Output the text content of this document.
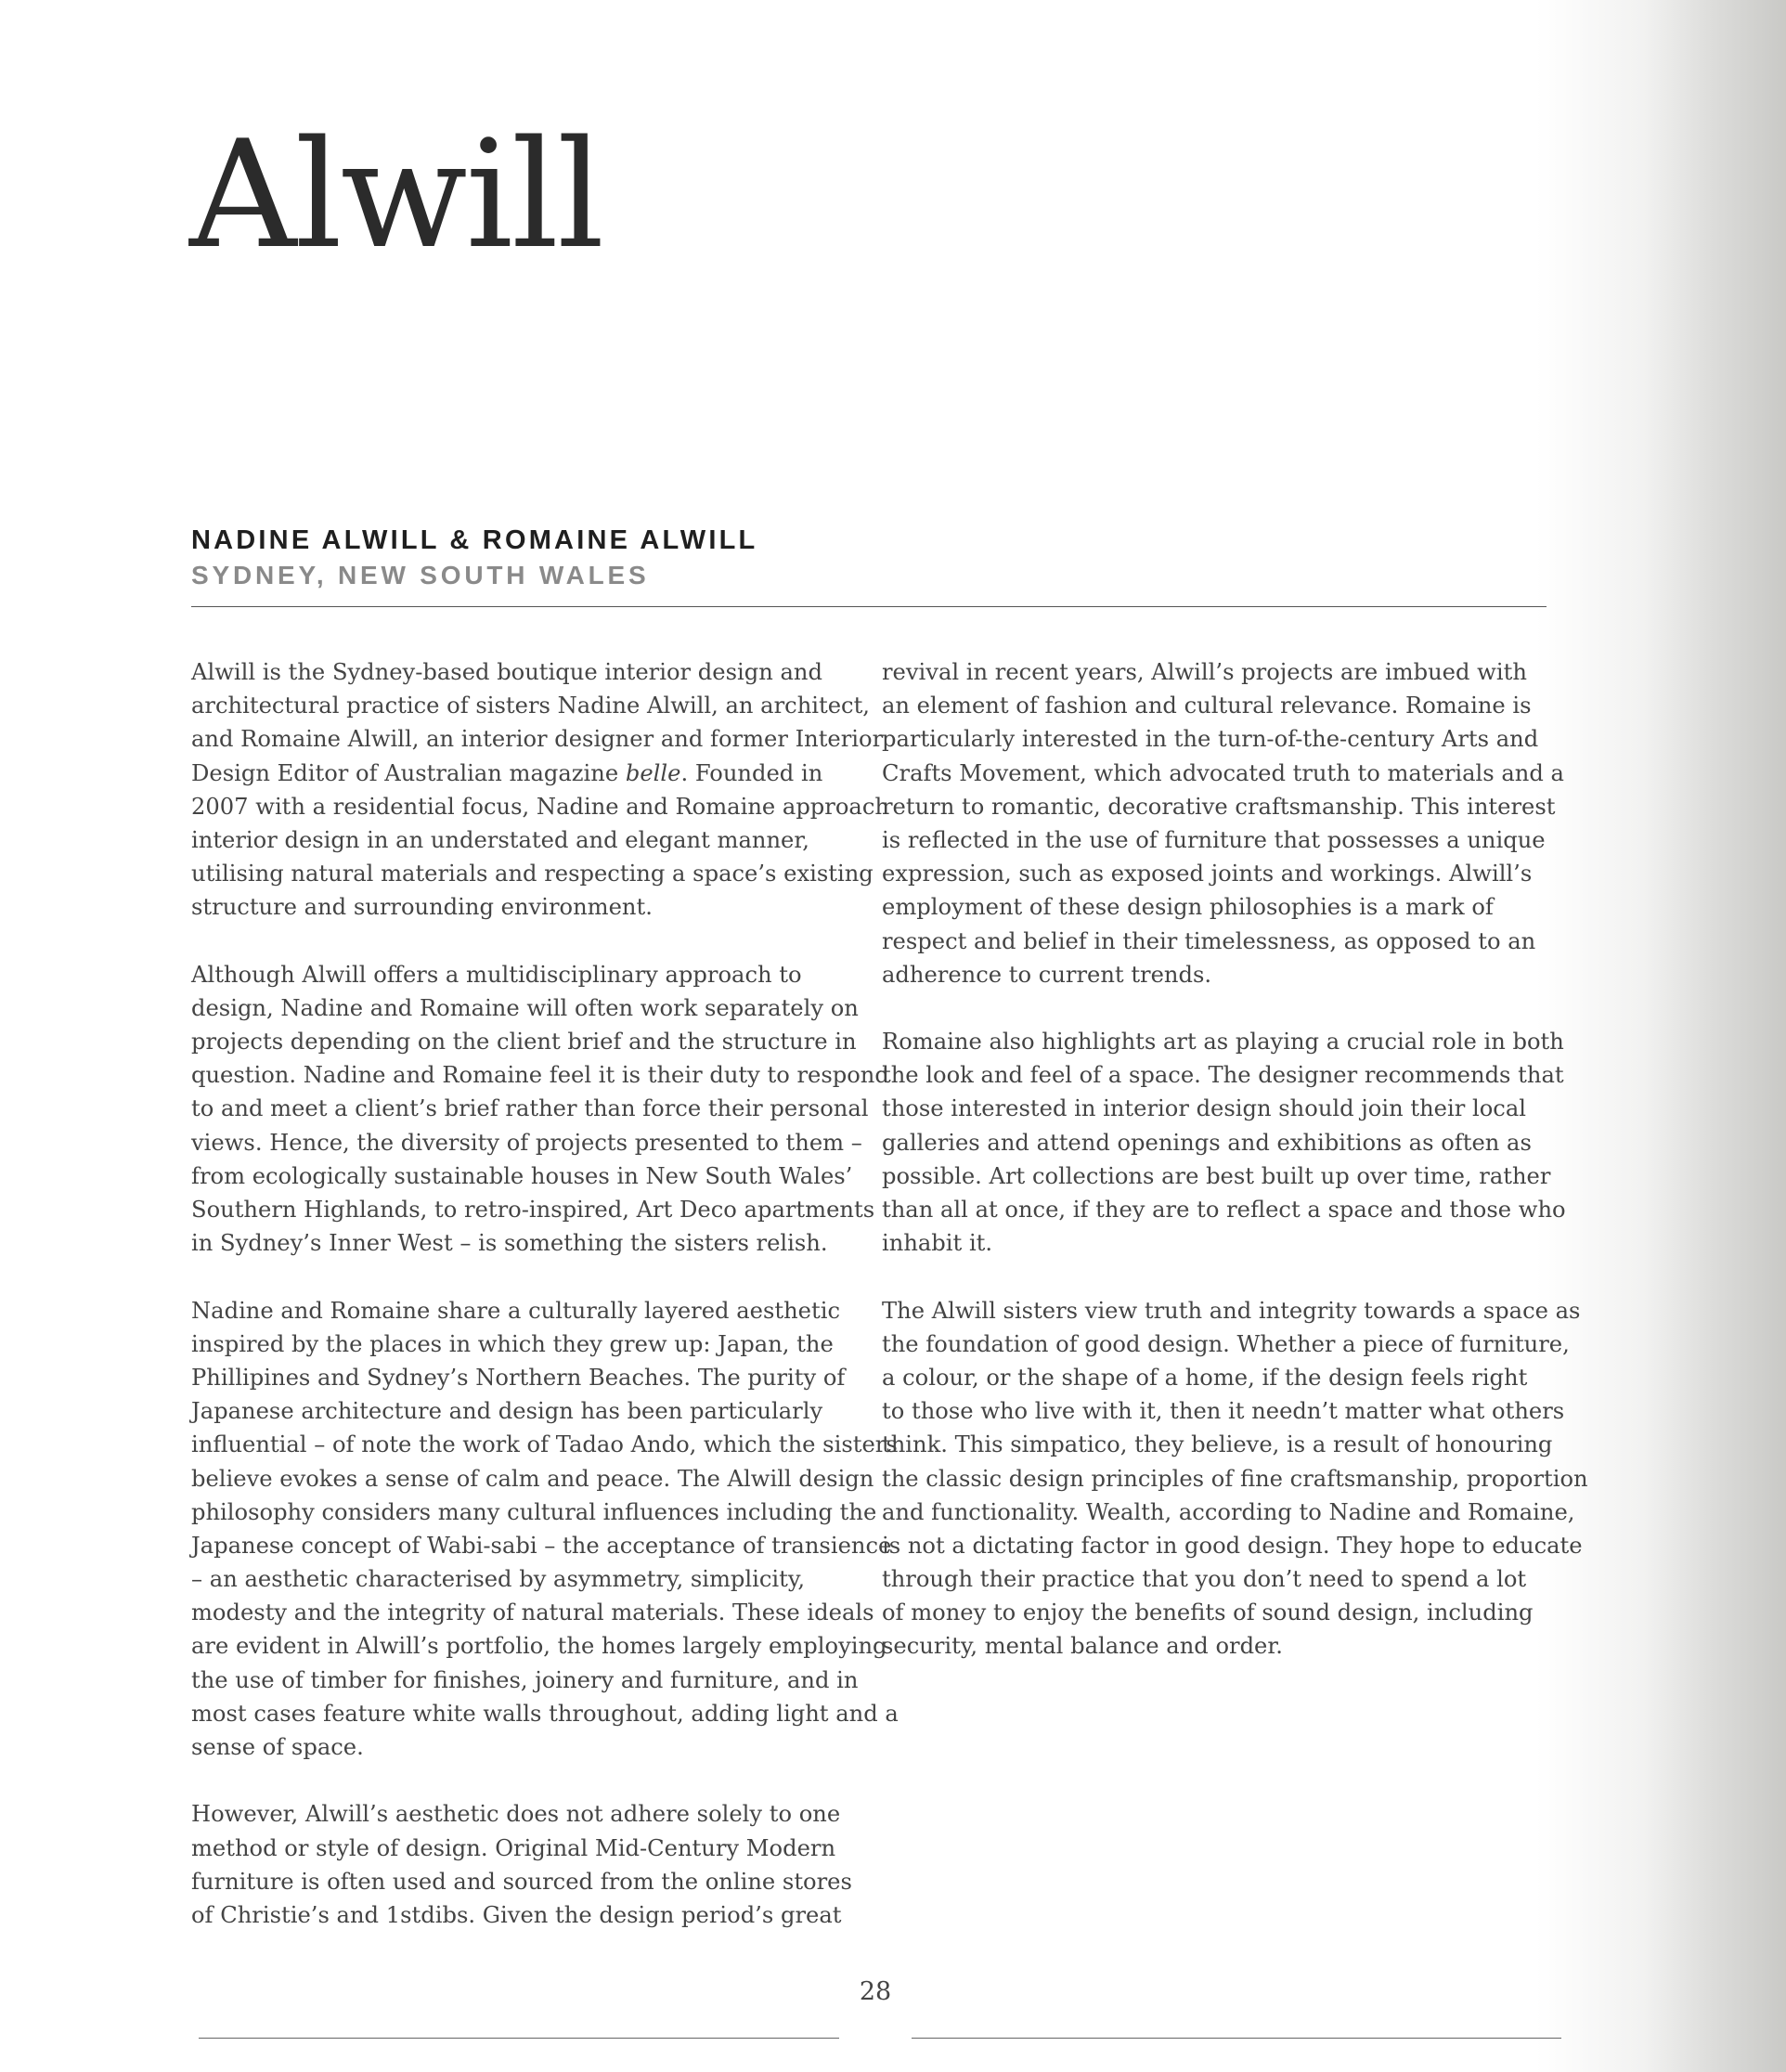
Alwill
NADINE ALWILL & ROMAINE ALWILL
SYDNEY, NEW SOUTH WALES
Alwill is the Sydney-based boutique interior design and
architectural practice of sisters Nadine Alwill, an architect,
and Romaine Alwill, an interior designer and former Interior
Design Editor of Australian magazine belle. Founded in
2007 with a residential focus, Nadine and Romaine approach
interior design in an understated and elegant manner,
utilising natural materials and respecting a space’s existing
structure and surrounding environment.
Although Alwill offers a multidisciplinary approach to
design, Nadine and Romaine will often work separately on
projects depending on the client brief and the structure in
question. Nadine and Romaine feel it is their duty to respond
to and meet a client’s brief rather than force their personal
views. Hence, the diversity of projects presented to them –
from ecologically sustainable houses in New South Wales’
Southern Highlands, to retro-inspired, Art Deco apartments
in Sydney’s Inner West – is something the sisters relish.
Nadine and Romaine share a culturally layered aesthetic
inspired by the places in which they grew up: Japan, the
Phillipines and Sydney’s Northern Beaches. The purity of
Japanese architecture and design has been particularly
influential – of note the work of Tadao Ando, which the sisters
believe evokes a sense of calm and peace. The Alwill design
philosophy considers many cultural influences including the
Japanese concept of Wabi-sabi – the acceptance of transience
– an aesthetic characterised by asymmetry, simplicity,
modesty and the integrity of natural materials. These ideals
are evident in Alwill’s portfolio, the homes largely employing
the use of timber for finishes, joinery and furniture, and in
most cases feature white walls throughout, adding light and a
sense of space.
However, Alwill’s aesthetic does not adhere solely to one
method or style of design. Original Mid-Century Modern
furniture is often used and sourced from the online stores
of Christie’s and 1stdibs. Given the design period’s great
revival in recent years, Alwill’s projects are imbued with
an element of fashion and cultural relevance. Romaine is
particularly interested in the turn-of-the-century Arts and
Crafts Movement, which advocated truth to materials and a
return to romantic, decorative craftsmanship. This interest
is reflected in the use of furniture that possesses a unique
expression, such as exposed joints and workings. Alwill’s
employment of these design philosophies is a mark of
respect and belief in their timelessness, as opposed to an
adherence to current trends.
Romaine also highlights art as playing a crucial role in both
the look and feel of a space. The designer recommends that
those interested in interior design should join their local
galleries and attend openings and exhibitions as often as
possible. Art collections are best built up over time, rather
than all at once, if they are to reflect a space and those who
inhabit it.
The Alwill sisters view truth and integrity towards a space as
the foundation of good design. Whether a piece of furniture,
a colour, or the shape of a home, if the design feels right
to those who live with it, then it needn’t matter what others
think. This simpatico, they believe, is a result of honouring
the classic design principles of fine craftsmanship, proportion
and functionality. Wealth, according to Nadine and Romaine,
is not a dictating factor in good design. They hope to educate
through their practice that you don’t need to spend a lot
of money to enjoy the benefits of sound design, including
security, mental balance and order.
28
